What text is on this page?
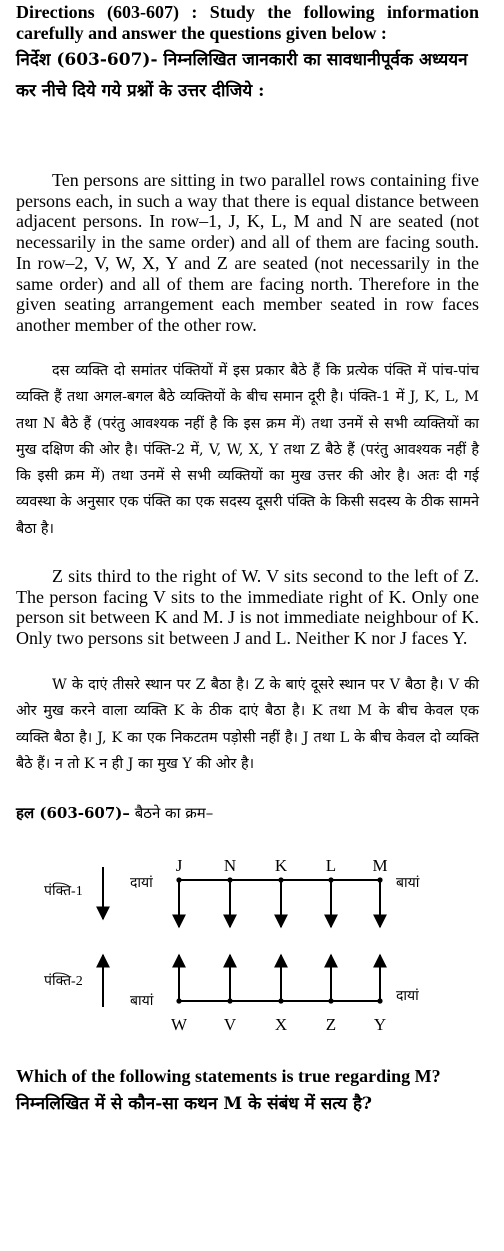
Directions (603-607) : Study the following information carefully and answer the questions given below :
निर्देश (603-607)- निम्नलिखित जानकारी का सावधानीपूर्वक अध्ययन कर नीचे दिये गये प्रश्नों के उत्तर दीजिये :
Ten persons are sitting in two parallel rows containing five persons each, in such a way that there is equal distance between adjacent persons. In row–1, J, K, L, M and N are seated (not necessarily in the same order) and all of them are facing south. In row–2, V, W, X, Y and Z are seated (not necessarily in the same order) and all of them are facing north. Therefore in the given seating arrangement each member seated in row faces another member of the other row.
दस व्यक्ति दो समांतर पंक्तियों में इस प्रकार बैठे हैं कि प्रत्येक पंक्ति में पांच-पांच व्यक्ति हैं तथा अगल-बगल बैठे व्यक्तियों के बीच समान दूरी है। पंक्ति-1 में J, K, L, M तथा N बैठे हैं (परंतु आवश्यक नहीं है कि इस क्रम में) तथा उनमें से सभी व्यक्तियों का मुख दक्षिण की ओर है। पंक्ति-2 में, V, W, X, Y तथा Z बैठे हैं (परंतु आवश्यक नहीं है कि इसी क्रम में) तथा उनमें से सभी व्यक्तियों का मुख उत्तर की ओर है। अतः दी गई व्यवस्था के अनुसार एक पंक्ति का एक सदस्य दूसरी पंक्ति के किसी सदस्य के ठीक सामने बैठा है।
Z sits third to the right of W. V sits second to the left of Z. The person facing V sits to the immediate right of K. Only one person sit between K and M. J is not immediate neighbour of K. Only two persons sit between J and L. Neither K nor J faces Y.
W के दाएं तीसरे स्थान पर Z बैठा है। Z के बाएं दूसरे स्थान पर V बैठा है। V की ओर मुख करने वाला व्यक्ति K के ठीक दाएं बैठा है। K तथा M के बीच केवल एक व्यक्ति बैठा है। J, K का एक निकटतम पड़ोसी नहीं है। J तथा L के बीच केवल दो व्यक्ति बैठे हैं। न तो K न ही J का मुख Y की ओर है।
हल (603-607)– बैठने का क्रम–
पंक्ति-1
पंक्ति-2
दायां	बायां
बायां	दायां
J N K L M
W V X Z Y
Which of the following statements is true regarding M?
निम्नलिखित में से कौन-सा कथन M के संबंध में सत्य है?
